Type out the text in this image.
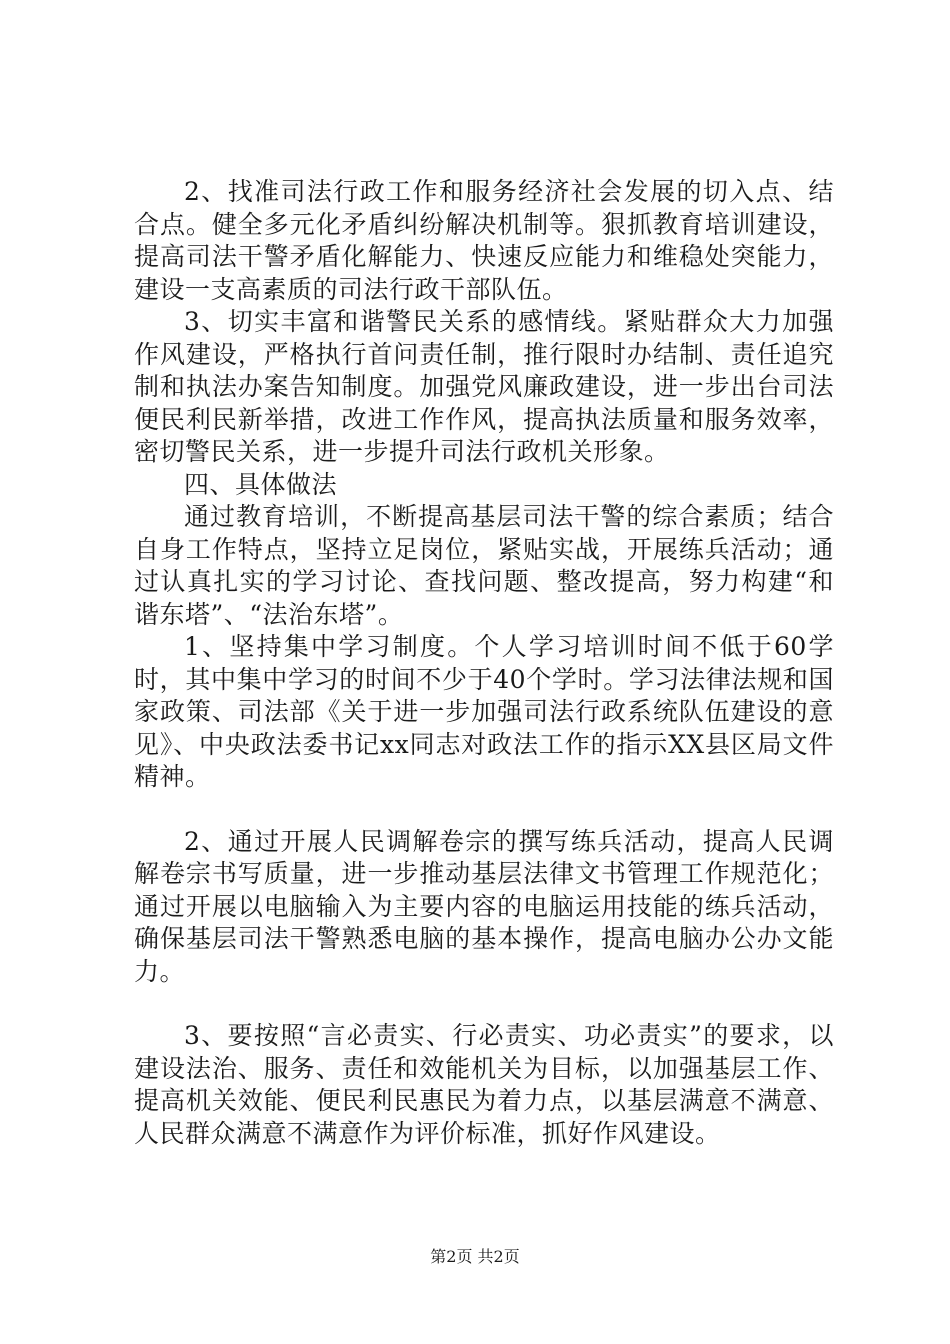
2、找准司法行政工作和服务经济社会发展的切入点、结合点。健全多元化矛盾纠纷解决机制等。狠抓教育培训建设，提高司法干警矛盾化解能力、快速反应能力和维稳处突能力，建设一支高素质的司法行政干部队伍。

3、切实丰富和谐警民关系的感情线。紧贴群众大力加强作风建设，严格执行首问责任制，推行限时办结制、责任追究制和执法办案告知制度。加强党风廉政建设，进一步出台司法便民利民新举措，改进工作作风，提高执法质量和服务效率，密切警民关系，进一步提升司法行政机关形象。

四、具体做法

通过教育培训，不断提高基层司法干警的综合素质；结合自身工作特点，坚持立足岗位，紧贴实战，开展练兵活动；通过认真扎实的学习讨论、查找问题、整改提高，努力构建“和谐东塔”、“法治东塔”。

1、坚持集中学习制度。个人学习培训时间不低于60学时，其中集中学习的时间不少于40个学时。学习法律法规和国家政策、司法部《关于进一步加强司法行政系统队伍建设的意见》、中央政法委书记xx同志对政法工作的指示XX县区局文件精神。

2、通过开展人民调解卷宗的撰写练兵活动，提高人民调解卷宗书写质量，进一步推动基层法律文书管理工作规范化；通过开展以电脑输入为主要内容的电脑运用技能的练兵活动，确保基层司法干警熟悉电脑的基本操作，提高电脑办公办文能力。

3、要按照“言必责实、行必责实、功必责实”的要求，以建设法治、服务、责任和效能机关为目标，以加强基层工作、提高机关效能、便民利民惠民为着力点，以基层满意不满意、人民群众满意不满意作为评价标准，抓好作风建设。

第2页 共2页
